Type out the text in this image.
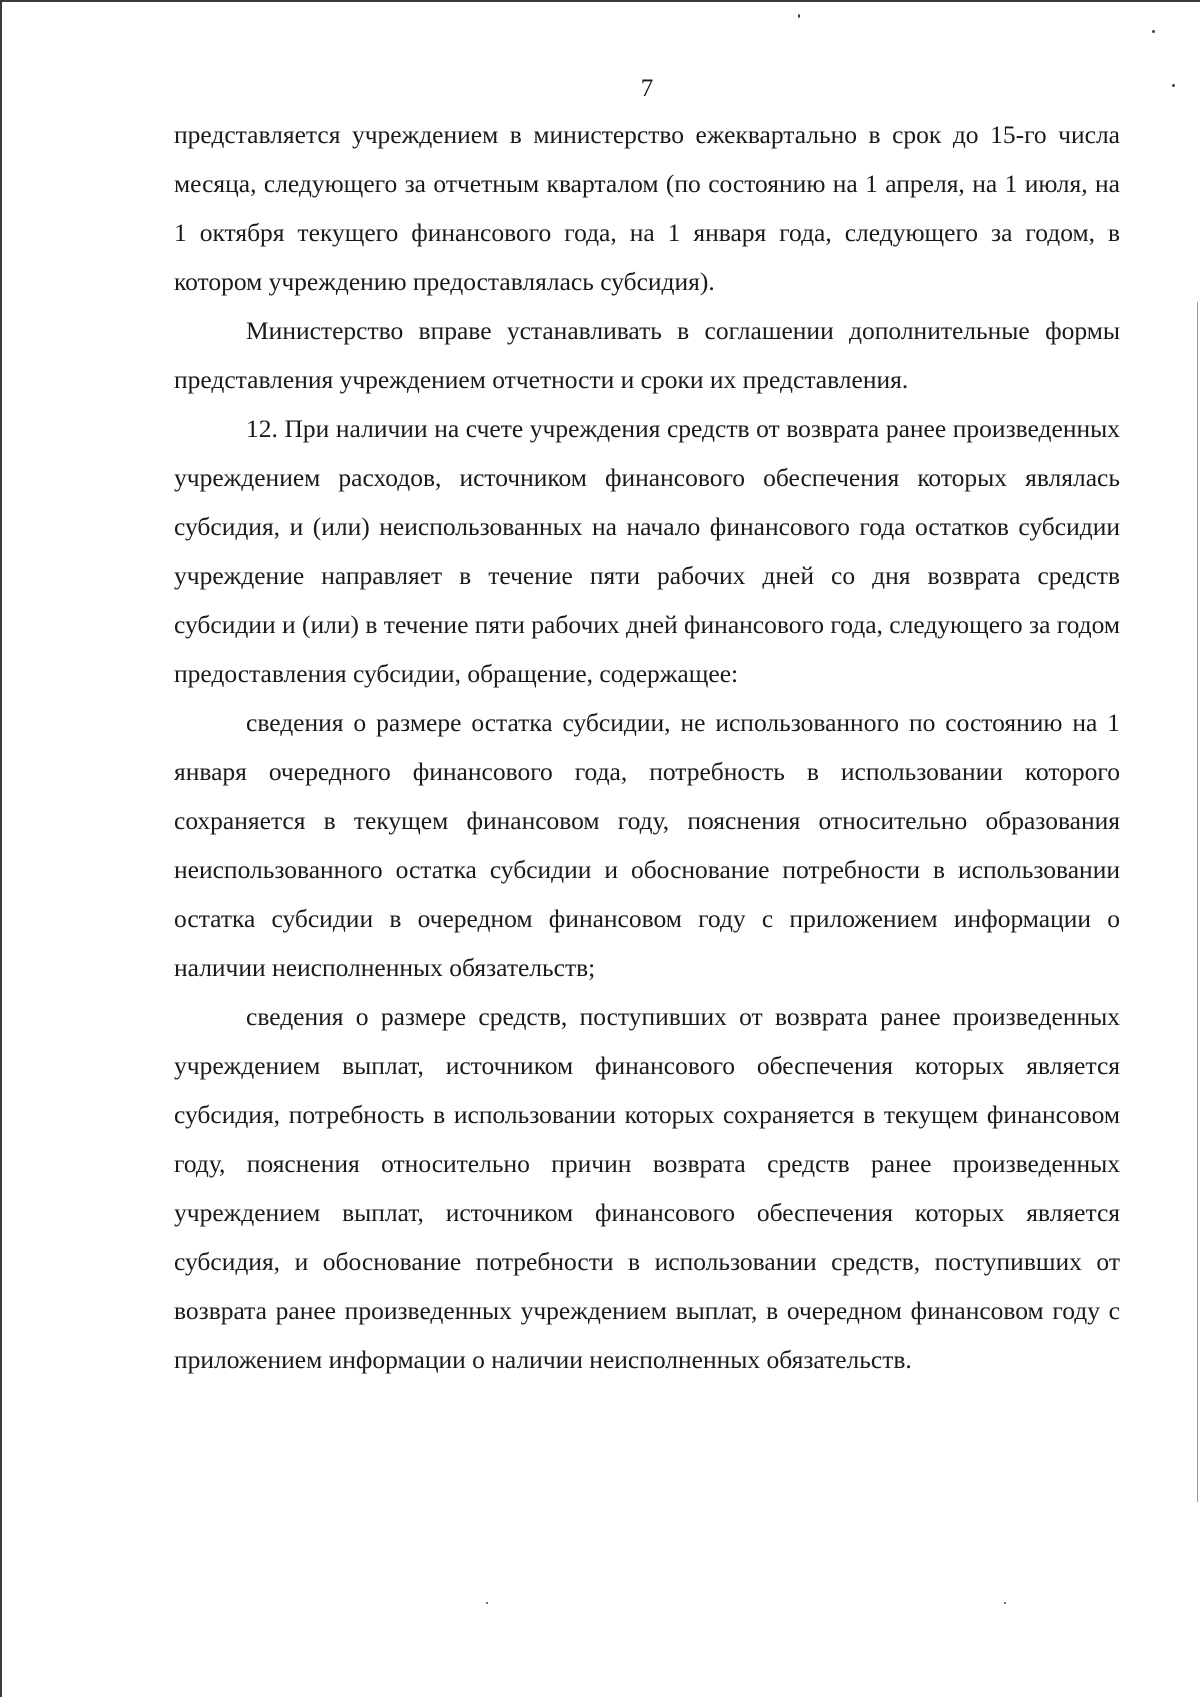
7

представляется учреждением в министерство ежеквартально в срок до 15-го числа месяца, следующего за отчетным кварталом (по состоянию на 1 апреля, на 1 июля, на 1 октября текущего финансового года, на 1 января года, следующего за годом, в котором учреждению предоставлялась субсидия).

Министерство вправе устанавливать в соглашении дополнительные формы представления учреждением отчетности и сроки их представления.

12. При наличии на счете учреждения средств от возврата ранее произведенных учреждением расходов, источником финансового обеспечения которых являлась субсидия, и (или) неиспользованных на начало финансового года остатков субсидии учреждение направляет в течение пяти рабочих дней со дня возврата средств субсидии и (или) в течение пяти рабочих дней финансового года, следующего за годом предоставления субсидии, обращение, содержащее:

сведения о размере остатка субсидии, не использованного по состоянию на 1 января очередного финансового года, потребность в использовании которого сохраняется в текущем финансовом году, пояснения относительно образования неиспользованного остатка субсидии и обоснование потребности в использовании остатка субсидии в очередном финансовом году с приложением информации о наличии неисполненных обязательств;

сведения о размере средств, поступивших от возврата ранее произведенных учреждением выплат, источником финансового обеспечения которых является субсидия, потребность в использовании которых сохраняется в текущем финансовом году, пояснения относительно причин возврата средств ранее произведенных учреждением выплат, источником финансового обеспечения которых является субсидия, и обоснование потребности в использовании средств, поступивших от возврата ранее произведенных учреждением выплат, в очередном финансовом году с приложением информации о наличии неисполненных обязательств.
